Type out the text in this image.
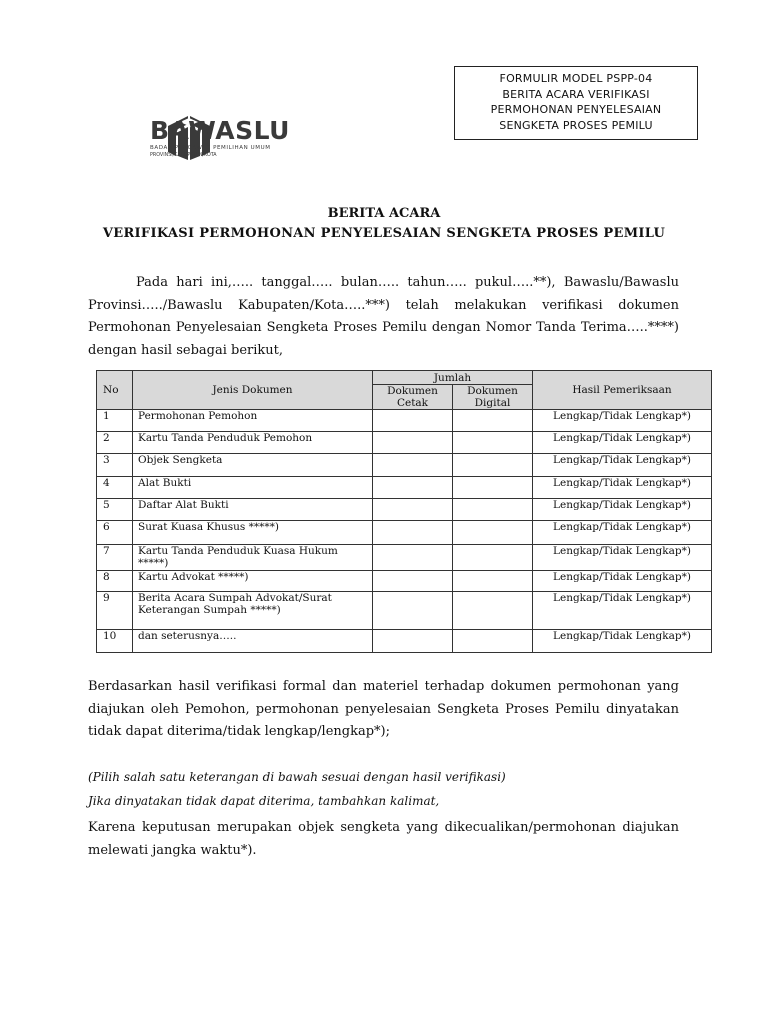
FORMULIR MODEL PSPP-04
BERITA ACARA VERIFIKASI
PERMOHONAN PENYELESAIAN
SENGKETA PROSES PEMILU
BAWASLU
BADAN PENGAWAS PEMILIHAN UMUM
PROVINSI/KABUPATEN/KOTA
BERITA ACARA
VERIFIKASI PERMOHONAN PENYELESAIAN SENGKETA PROSES PEMILU
Pada hari ini,….. tanggal….. bulan….. tahun….. pukul…..**), Bawaslu/Bawaslu Provinsi…../Bawaslu Kabupaten/Kota…..***) telah melakukan verifikasi dokumen Permohonan Penyelesaian Sengketa Proses Pemilu dengan Nomor Tanda Terima…..****) dengan hasil sebagai berikut,
No	Jenis Dokumen	Jumlah		Hasil Pemeriksaan
		Dokumen Cetak	Dokumen Digital	
1	Permohonan Pemohon			Lengkap/Tidak Lengkap*)
2	Kartu Tanda Penduduk Pemohon			Lengkap/Tidak Lengkap*)
3	Objek Sengketa			Lengkap/Tidak Lengkap*)
4	Alat Bukti			Lengkap/Tidak Lengkap*)
5	Daftar Alat Bukti			Lengkap/Tidak Lengkap*)
6	Surat Kuasa Khusus *****)			Lengkap/Tidak Lengkap*)
7	Kartu Tanda Penduduk Kuasa Hukum *****)			Lengkap/Tidak Lengkap*)
8	Kartu Advokat *****)			Lengkap/Tidak Lengkap*)
9	Berita Acara Sumpah Advokat/Surat Keterangan Sumpah *****)			Lengkap/Tidak Lengkap*)
10	dan seterusnya…..			Lengkap/Tidak Lengkap*)
Berdasarkan hasil verifikasi formal dan materiel terhadap dokumen permohonan yang diajukan oleh Pemohon, permohonan penyelesaian Sengketa Proses Pemilu dinyatakan tidak dapat diterima/tidak lengkap/lengkap*);
(Pilih salah satu keterangan di bawah sesuai dengan hasil verifikasi)
Jika dinyatakan tidak dapat diterima, tambahkan kalimat,
Karena keputusan merupakan objek sengketa yang dikecualikan/permohonan diajukan melewati jangka waktu*).
